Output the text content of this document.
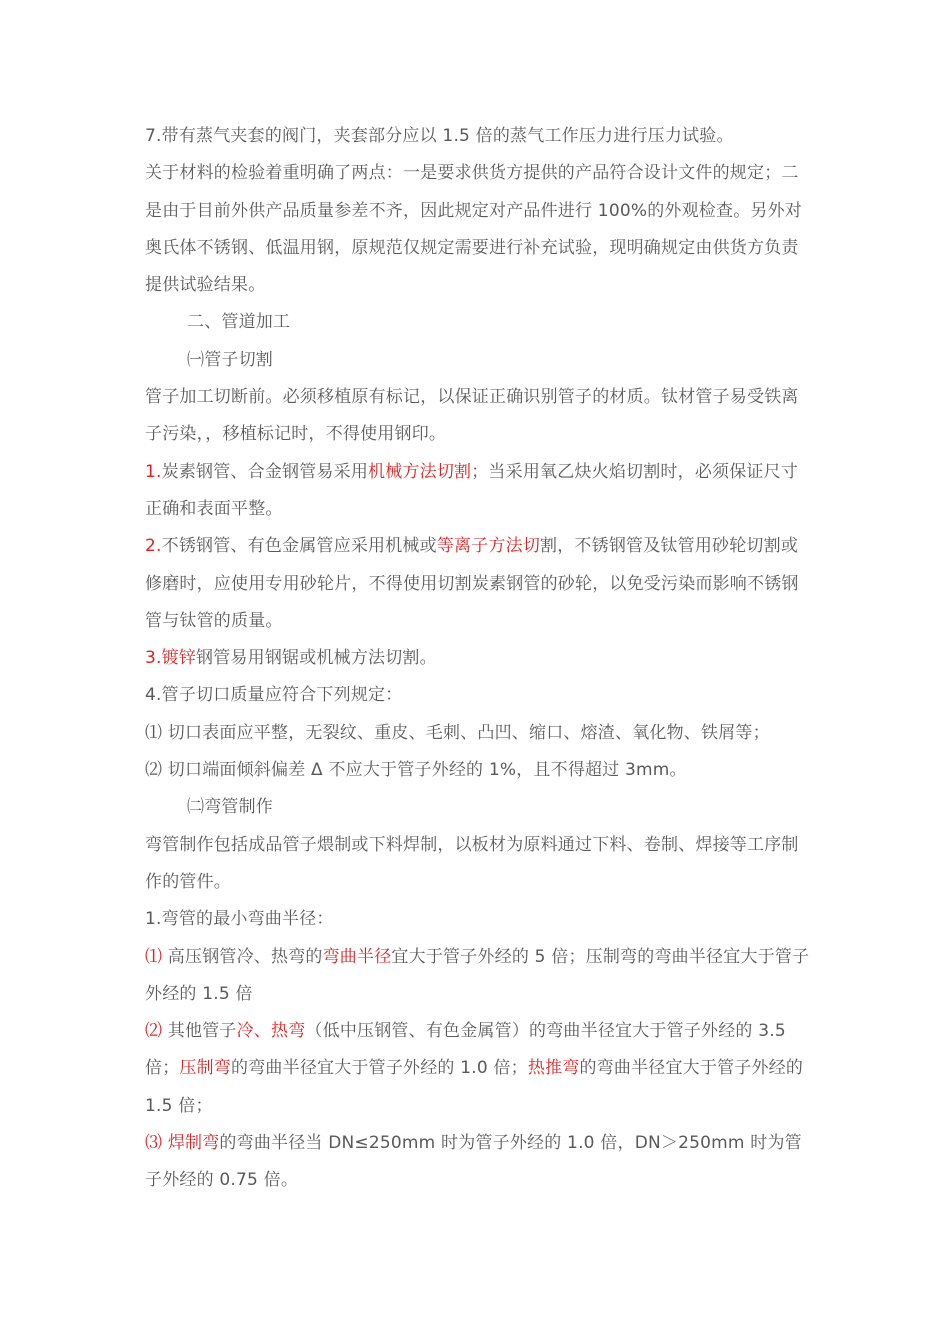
7.带有蒸气夹套的阀门，夹套部分应以 1.5 倍的蒸气工作压力进行压力试验。

关于材料的检验着重明确了两点：一是要求供货方提供的产品符合设计文件的规定；二是由于目前外供产品质量参差不齐，因此规定对产品件进行 100%的外观检查。另外对奥氏体不锈钢、低温用钢，原规范仅规定需要进行补充试验，现明确规定由供货方负责提供试验结果。

二、管道加工

㈠管子切割

管子加工切断前。必须移植原有标记，以保证正确识别管子的材质。钛材管子易受铁离子污染，，移植标记时，不得使用钢印。

1.炭素钢管、合金钢管易采用机械方法切割；当采用氧乙炔火焰切割时，必须保证尺寸正确和表面平整。

2.不锈钢管、有色金属管应采用机械或等离子方法切割，不锈钢管及钛管用砂轮切割或修磨时，应使用专用砂轮片，不得使用切割炭素钢管的砂轮，以免受污染而影响不锈钢管与钛管的质量。

3.镀锌钢管易用钢锯或机械方法切割。

4.管子切口质量应符合下列规定：

⑴ 切口表面应平整，无裂纹、重皮、毛刺、凸凹、缩口、熔渣、氧化物、铁屑等；

⑵ 切口端面倾斜偏差 Δ 不应大于管子外经的 1%，且不得超过 3mm。

㈡弯管制作

弯管制作包括成品管子煨制或下料焊制，以板材为原料通过下料、卷制、焊接等工序制作的管件。

1.弯管的最小弯曲半径：

⑴ 高压钢管冷、热弯的弯曲半径宜大于管子外经的 5 倍；压制弯的弯曲半径宜大于管子外经的 1.5 倍

⑵ 其他管子冷、热弯（低中压钢管、有色金属管）的弯曲半径宜大于管子外经的 3.5 倍；压制弯的弯曲半径宜大于管子外经的 1.0 倍；热推弯的弯曲半径宜大于管子外经的 1.5 倍；

⑶ 焊制弯的弯曲半径当 DN≤250mm 时为管子外经的 1.0 倍，DN＞250mm 时为管子外经的 0.75 倍。
